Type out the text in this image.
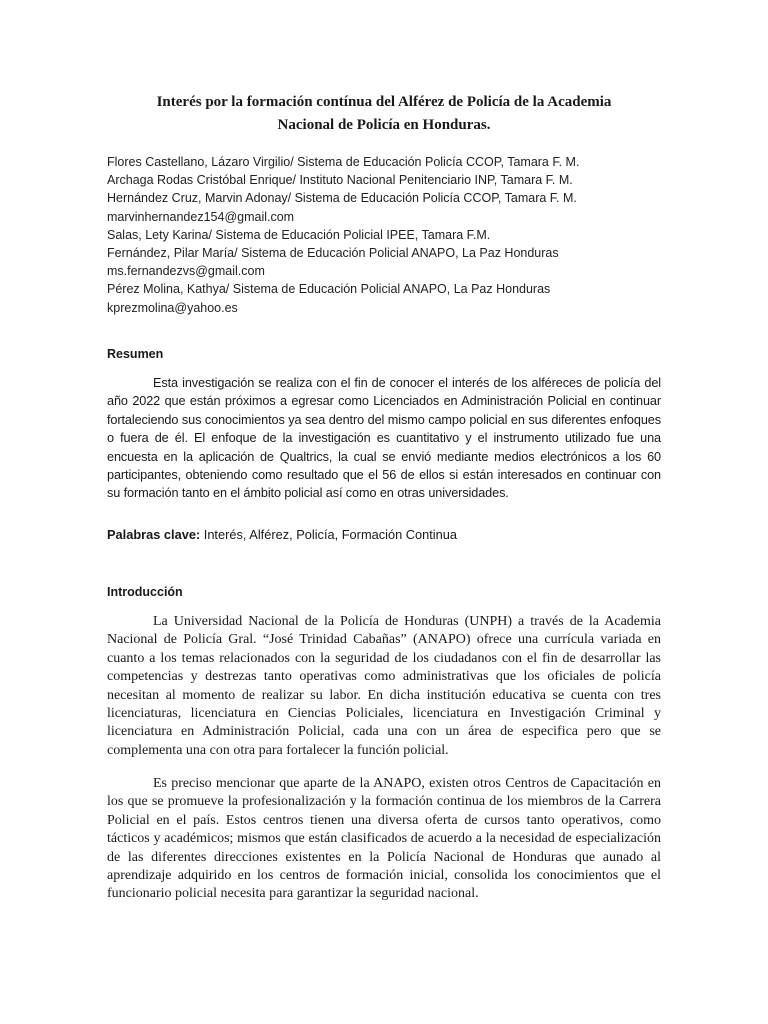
Interés por la formación contínua del Alférez de Policía de la Academia
Nacional de Policía en Honduras.
Flores Castellano, Lázaro Virgilio/ Sistema de Educación Policía CCOP, Tamara F. M.
Archaga Rodas Cristóbal Enrique/ Instituto Nacional Penitenciario INP, Tamara F. M.
Hernández Cruz, Marvin Adonay/ Sistema de Educación Policía CCOP, Tamara F. M.
marvinhernandez154@gmail.com
Salas, Lety Karina/ Sistema de Educación Policial IPEE, Tamara F.M.
Fernández, Pilar María/ Sistema de Educación Policial ANAPO, La Paz Honduras
ms.fernandezvs@gmail.com
Pérez Molina, Kathya/ Sistema de Educación Policial ANAPO, La Paz Honduras
kprezmolina@yahoo.es
Resumen

Esta investigación se realiza con el fin de conocer el interés de los alféreces de policía del año 2022 que están próximos a egresar como Licenciados en Administración Policial en continuar fortaleciendo sus conocimientos ya sea dentro del mismo campo policial en sus diferentes enfoques o fuera de él. El enfoque de la investigación es cuantitativo y el instrumento utilizado fue una encuesta en la aplicación de Qualtrics, la cual se envió mediante medios electrónicos a los 60 participantes, obteniendo como resultado que el 56 de ellos si están interesados en continuar con su formación tanto en el ámbito policial así como en otras universidades.

Palabras clave: Interés, Alférez, Policía, Formación Continua
Introducción

La Universidad Nacional de la Policía de Honduras (UNPH) a través de la Academia Nacional de Policía Gral. “José Trinidad Cabañas” (ANAPO) ofrece una currícula variada en cuanto a los temas relacionados con la seguridad de los ciudadanos con el fin de desarrollar las competencias y destrezas tanto operativas como administrativas que los oficiales de policía necesitan al momento de realizar su labor. En dicha institución educativa se cuenta con tres licenciaturas, licenciatura en Ciencias Policiales, licenciatura en Investigación Criminal y licenciatura en Administración Policial, cada una con un área de especifica pero que se complementa una con otra para fortalecer la función policial.

Es preciso mencionar que aparte de la ANAPO, existen otros Centros de Capacitación en los que se promueve la profesionalización y la formación continua de los miembros de la Carrera Policial en el país. Estos centros tienen una diversa oferta de cursos tanto operativos, como tácticos y académicos; mismos que están clasificados de acuerdo a la necesidad de especialización de las diferentes direcciones existentes en la Policía Nacional de Honduras que aunado al aprendizaje adquirido en los centros de formación inicial, consolida los conocimientos que el funcionario policial necesita para garantizar la seguridad nacional.
